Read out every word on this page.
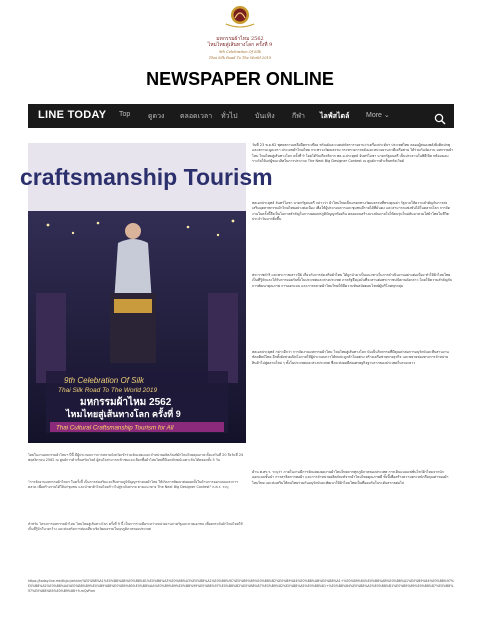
มหกรรมผ้าไหม 2562
ไหมไทยสู่เส้นทางโลก ครั้งที่ 9
9th Celebration Of Silk
Thai Silk Road To The World 2019
NEWSPAPER ONLINE
LINE TODAY Top	ดูดวง ตลอดเวลา ทั่วไป บันเทิง กีฬา ไลฟ์สไตล์ More ⌄
craftsmanship Tourism
9th Celebration Of Silk
Thai Silk Road To The World 2019
มหกรรมผ้าไหม 2562
ไหมไทยสู่เส้นทางโลก ครั้งที่ 9
Thai Cultural Craftsmanship Tourism for All
โดยในงานมหกรรมผ้าไหมฯ ปีนี้ มีผู้ประกอบการจากหลายจังหวัดเข้าร่วมจัดแสดงและจำหน่ายผลิตภัณฑ์ผ้าไหมไทยคุณภาพ ตั้งแต่วันที่ 20 ถึงวันที่ 24 พฤศจิกายน 2562 ณ ศูนย์การค้าเซ็นทรัลเวิลด์ ผู้สนใจสามารถเข้าชมและเลือกซื้อผ้าไหมไทยที่มีเอกลักษณ์เฉพาะถิ่นได้ตลอดทั้ง 5 วัน
"การจัดงานมหกรรมผ้าไหมฯ ในครั้งนี้ เป็นการส่งเสริมและสืบสานภูมิปัญญาช่างทอผ้าไทย ให้เกิดการพัฒนาต่อยอดทั้งในด้านการออกแบบและการตลาด เพื่อสร้างรายได้ให้แก่ชุมชน และนำพาผ้าไหมไทยก้าวไปสู่ระดับสากล ตามแนวทาง The Next Big Designer Contest" ก.ศ.ร. ระบุ
สำหรับ โครงการมหกรรมผ้าไหม ไหมไทยสู่เส้นทางโลก ครั้งที่ 9 นี้ เป็นการร่วมมือระหว่างหน่วยงานภาครัฐและภาคเอกชน เพื่อยกระดับผ้าไหมไทยให้เป็นที่รู้จักในวงกว้าง และส่งเสริมการท่องเที่ยวเชิงวัฒนธรรมในทุกภูมิภาคของประเทศ
วันที่ 23 พ.ย.62 พุทธสถานเหลือปีตกระเทียง ชรัณย์และเบศเล่ห์ตรารายงานว่าเครื่องประดับฯ ประเทศไทย ตลองผู้สนองพลังยิ่งคิดปกพุ และสถานะนูดเจรา ประเภทผ้าไหมไทย กระทรวงวัฒนธรรม กระทรวงการคลังและหน่วยงานภาคีเครือข่าย ได้ร่วมกันจัดงาน มหกรรมผ้าไหม ไหมไทยสู่เส้นทางโลก ครั้งที่ 9 โดยได้รับเกียรติจาก พล.อ.ประยุทธ์ จันทร์โอชา นายกรัฐมนตรี เป็นประธานในพิธีเปิด พร้อมมอบรางวัลให้แก่ผู้ชนะเลิศในการประกวด The Next Big Designer Contest ณ ศูนย์การค้าเซ็นทรัลเวิลด์
พลเอกประยุทธ์ จันทร์โอชา นายกรัฐมนตรี กล่าวว่า ผ้าไหมไทยเป็นมรดกทางวัฒนธรรมที่ทรงคุณค่า รัฐบาลให้ความสำคัญกับการส่งเสริมอุตสาหกรรมผ้าไหมไทยอย่างต่อเนื่อง เพื่อให้ผู้ประกอบการและชุมชนมีรายได้ที่มั่นคง และสามารถแข่งขันได้ในตลาดโลก การจัดงานในครั้งนี้จึงเป็นโอกาสสำคัญในการเผยแพร่ภูมิปัญญาท้องถิ่น ตลอดจนสร้างแรงบันดาลใจให้คนรุ่นใหม่หันมาสวมใส่ผ้าไทยในชีวิตประจำวันมากยิ่งขึ้น
พระราชดำริ และพระราชเสาวนีย์ เกี่ยวกับการส่งเสริมผ้าไทย ได้ถูกนำมาเป็นแนวทางในการดำเนินงานอย่างต่อเนื่อง ทำให้ผ้าไหมไทยเป็นที่รู้จักและได้รับการยอมรับทั้งในประเทศและต่างประเทศ ภาครัฐจึงมุ่งมั่นที่จะสานต่อพระราชปณิธานดังกล่าว โดยให้ความสำคัญกับการพัฒนาคุณภาพ การออกแบบ และการตลาดผ้าไหมไทยให้มีความทันสมัยตอบโจทย์ผู้บริโภคทุกกลุ่ม
พลเอกประยุทธ์ กล่าวอีกว่า การจัดงานมหกรรมผ้าไหม ไหมไทยสู่เส้นทางโลก นับเป็นกิจกรรมที่มีคุณค่าต่อการอนุรักษ์และสืบสานงานหัตถศิลป์ไทย อีกทั้งยังช่วยเปิดโอกาสให้ผู้ประกอบการได้พบปะลูกค้าโดยตรง สร้างเครือข่ายทางธุรกิจ และขยายช่องทางการจำหน่ายสินค้าไปสู่ตลาดใหม่ ๆ ทั้งในประเทศและต่างประเทศ ซึ่งจะส่งผลดีต่อเศรษฐกิจฐานรากของประเทศในระยะยาว
ด้าน ศ.ศร.ร. ระบุว่า ภายในงานมีการจัดแสดงผลงานผ้าไหมไทยจากทุกภูมิภาคของประเทศ การเดินแบบแฟชั่นโชว์ผ้าไหมจากนักออกแบบชั้นนำ การสาธิตการทอผ้า และการจำหน่ายผลิตภัณฑ์จากผ้าไหมไทยคุณภาพดี ทั้งนี้เพื่อสร้างความตระหนักถึงคุณค่าของผ้าไหมไทย และส่งเสริมให้คนไทยร่วมกันอนุรักษ์และพัฒนาให้ผ้าไหมไทยเป็นที่ยอมรับในระดับสากลต่อไป
https://today.line.me/th/pc/article/%E0%B8%A1%E0%B8%AB%E0%B8%81%E0%B8%A3%E0%B8%A3%E0%B8%A1%E0%B8%9C%E0%B9%89%E0%B8%B2%E0%B9%84%E0%B8%AB%E0%B8%A1+%E0%B9%84%E0%B8%AB%E0%B8%A1%E0%B9%84%E0%B8%97%E0%B8%A2%E0%B8%AA%E0%B8%B9%E0%B9%88%E0%B9%80%E0%B8%AA%E0%B9%89%E0%B8%99%E0%B8%97%E0%B8%B2%E0%B8%87%E0%B9%82%E0%B8%A5%E0%B8%81+%E0%B8%84%E0%B8%A3%E0%B8%B1%E0%B9%89%E0%B8%87%E0%B8%97%E0%B8%B5%E0%B9%88+9-mQvPxm
